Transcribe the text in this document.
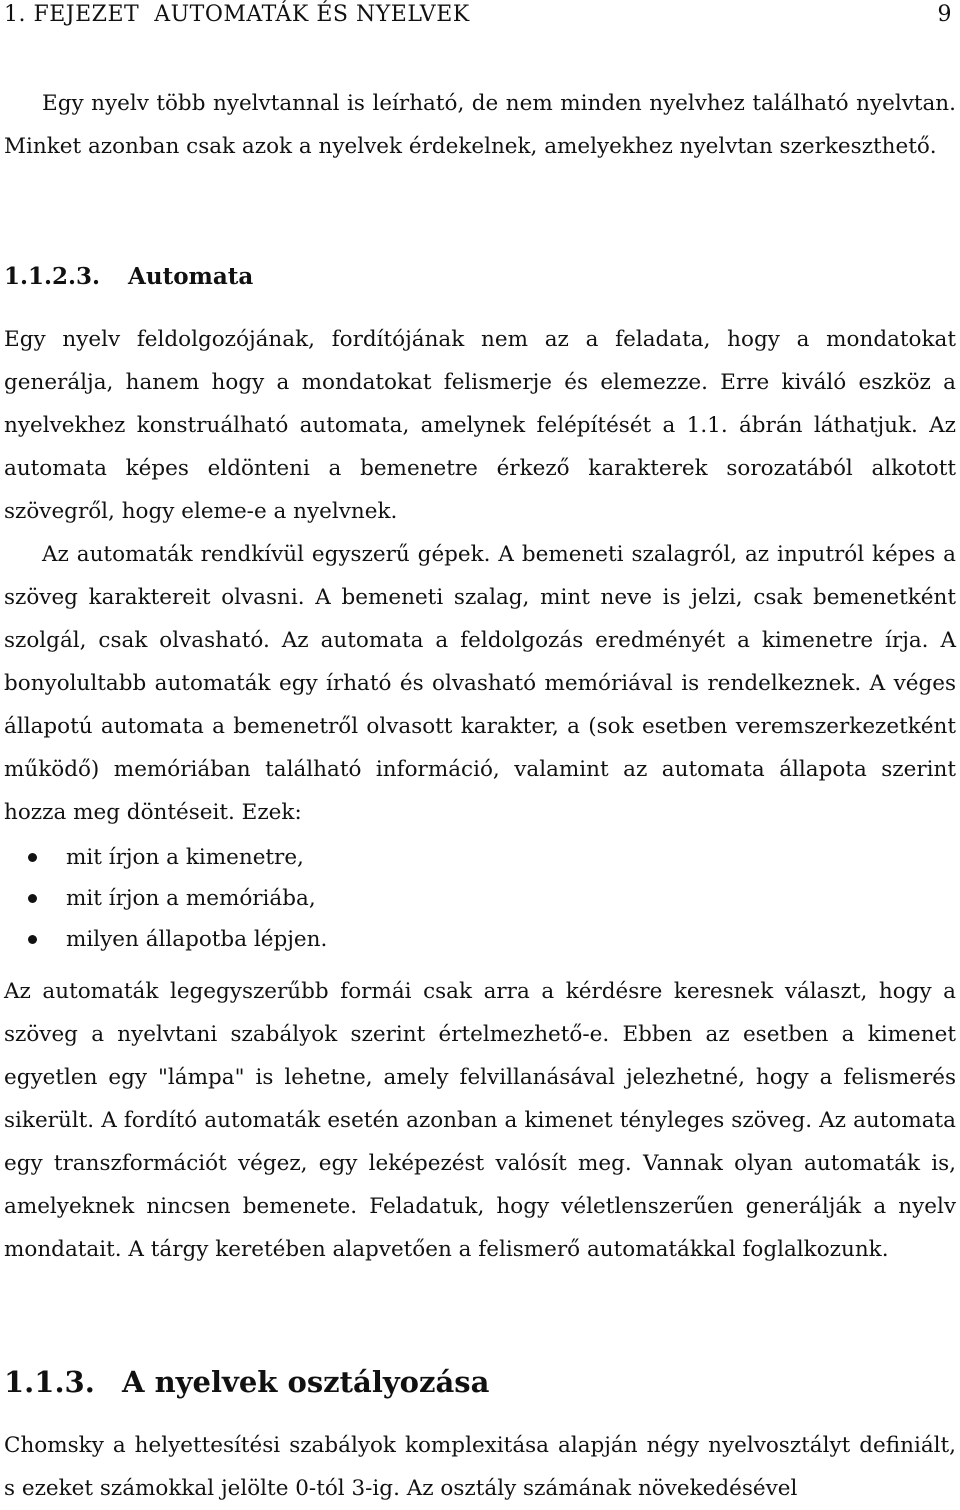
1. FEJEZET AUTOMATÁK ÉS NYELVEK	9

Egy nyelv több nyelvtannal is leírható, de nem minden nyelvhez található nyelvtan. Minket azonban csak azok a nyelvek érdekelnek, amelyekhez nyelvtan szerkeszthető.

1.1.2.3. Automata

Egy nyelv feldolgozójának, fordítójának nem az a feladata, hogy a mondatokat generálja, hanem hogy a mondatokat felismerje és elemezze. Erre kiváló eszköz a nyelvekhez konstruálható automata, amelynek felépítését a 1.1. ábrán láthatjuk. Az automata képes eldönteni a bemenetre érkező karakterek sorozatából alkotott szövegről, hogy eleme-e a nyelvnek.

Az automaták rendkívül egyszerű gépek. A bemeneti szalagról, az inputról képes a szöveg karaktereit olvasni. A bemeneti szalag, mint neve is jelzi, csak bemenetként szolgál, csak olvasható. Az automata a feldolgozás eredményét a kimenetre írja. A bonyolultabb automaták egy írható és olvasható memóriával is rendelkeznek. A véges állapotú automata a bemenetről olvasott karakter, a (sok esetben veremszerkezetként működő) memóriában található információ, valamint az automata állapota szerint hozza meg döntéseit. Ezek:

mit írjon a kimenetre,
mit írjon a memóriába,
milyen állapotba lépjen.

Az automaták legegyszerűbb formái csak arra a kérdésre keresnek választ, hogy a szöveg a nyelvtani szabályok szerint értelmezhető-e. Ebben az esetben a kimenet egyetlen egy "lámpa" is lehetne, amely felvillanásával jelezhetné, hogy a felismerés sikerült. A fordító automaták esetén azonban a kimenet tényleges szöveg. Az automata egy transzformációt végez, egy leképezést valósít meg. Vannak olyan automaták is, amelyeknek nincsen bemenete. Feladatuk, hogy véletlenszerűen generálják a nyelv mondatait. A tárgy keretében alapvetően a felismerő automatákkal foglalkozunk.

1.1.3. A nyelvek osztályozása

Chomsky a helyettesítési szabályok komplexitása alapján négy nyelvosztályt definiált, s ezeket számokkal jelölte 0-tól 3-ig. Az osztály számának növekedésével
